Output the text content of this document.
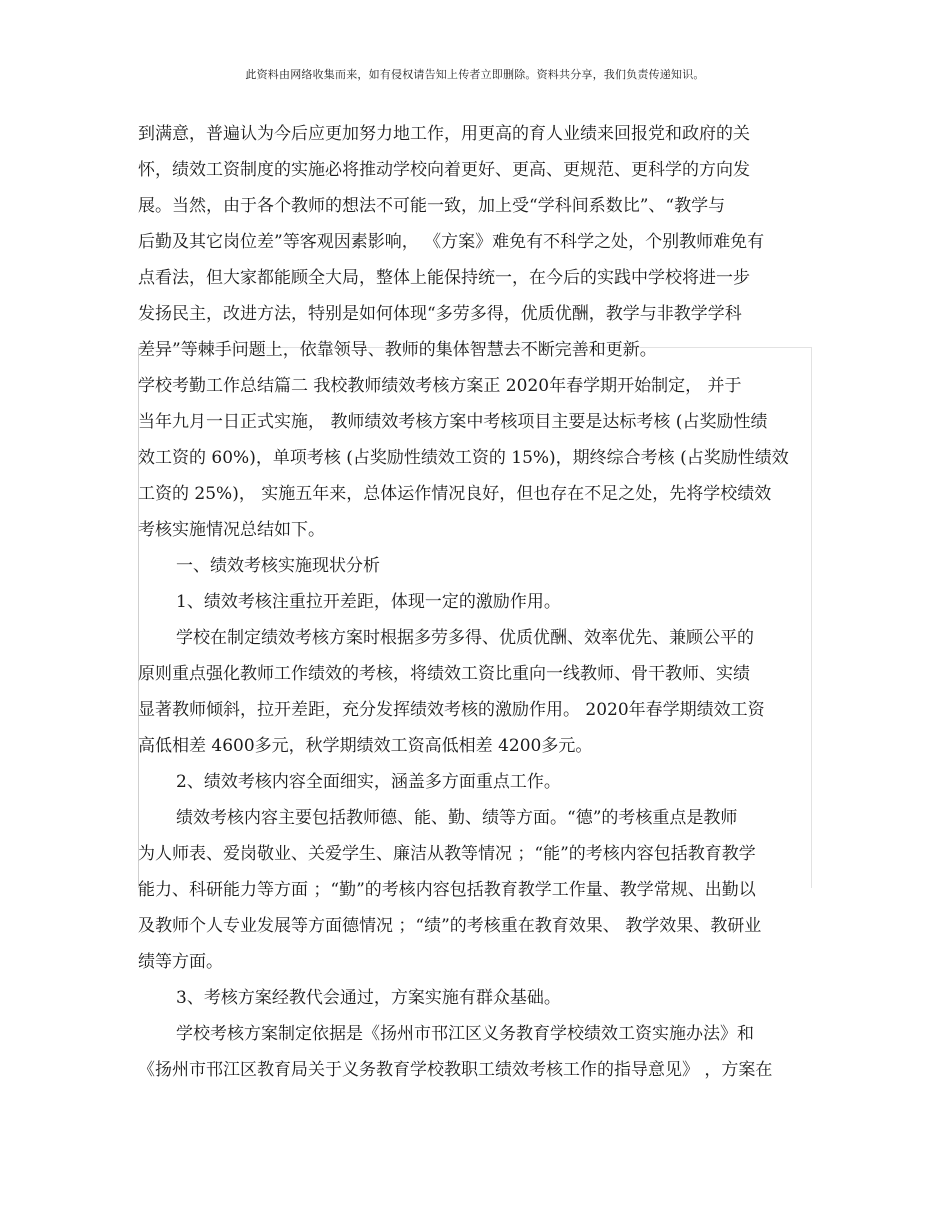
此资料由网络收集而来，如有侵权请告知上传者立即删除。资料共分享，我们负责传递知识。
到满意，普遍认为今后应更加努力地工作，用更高的育人业绩来回报党和政府的关
怀，绩效工资制度的实施必将推动学校向着更好、更高、更规范、更科学的方向发
展。当然，由于各个教师的想法不可能一致，加上受“学科间系数比”、“教学与
后勤及其它岗位差”等客观因素影响， 《方案》难免有不科学之处，个别教师难免有
点看法，但大家都能顾全大局，整体上能保持统一，在今后的实践中学校将进一步
发扬民主，改进方法，特别是如何体现“多劳多得，优质优酬，教学与非教学学科
差异”等棘手问题上，依靠领导、教师的集体智慧去不断完善和更新。
学校考勤工作总结篇二 我校教师绩效考核方案正 2020年春学期开始制定， 并于
当年九月一日正式实施， 教师绩效考核方案中考核项目主要是达标考核 (占奖励性绩
效工资的 60%)，单项考核 (占奖励性绩效工资的 15%)，期终综合考核 (占奖励性绩效
工资的 25%)， 实施五年来，总体运作情况良好，但也存在不足之处，先将学校绩效
考核实施情况总结如下。
一、绩效考核实施现状分析
1、绩效考核注重拉开差距，体现一定的激励作用。
学校在制定绩效考核方案时根据多劳多得、优质优酬、效率优先、兼顾公平的
原则重点强化教师工作绩效的考核，将绩效工资比重向一线教师、骨干教师、实绩
显著教师倾斜，拉开差距，充分发挥绩效考核的激励作用。 2020年春学期绩效工资
高低相差 4600多元，秋学期绩效工资高低相差 4200多元。
2、绩效考核内容全面细实，涵盖多方面重点工作。
绩效考核内容主要包括教师德、能、勤、绩等方面。“德”的考核重点是教师
为人师表、爱岗敬业、关爱学生、廉洁从教等情况 ；“能”的考核内容包括教育教学
能力、科研能力等方面 ；“勤”的考核内容包括教育教学工作量、教学常规、出勤以
及教师个人专业发展等方面德情况 ；“绩”的考核重在教育效果、 教学效果、教研业
绩等方面。
3、考核方案经教代会通过，方案实施有群众基础。
学校考核方案制定依据是《扬州市邗江区义务教育学校绩效工资实施办法》和
《扬州市邗江区教育局关于义务教育学校教职工绩效考核工作的指导意见》 ，方案在
